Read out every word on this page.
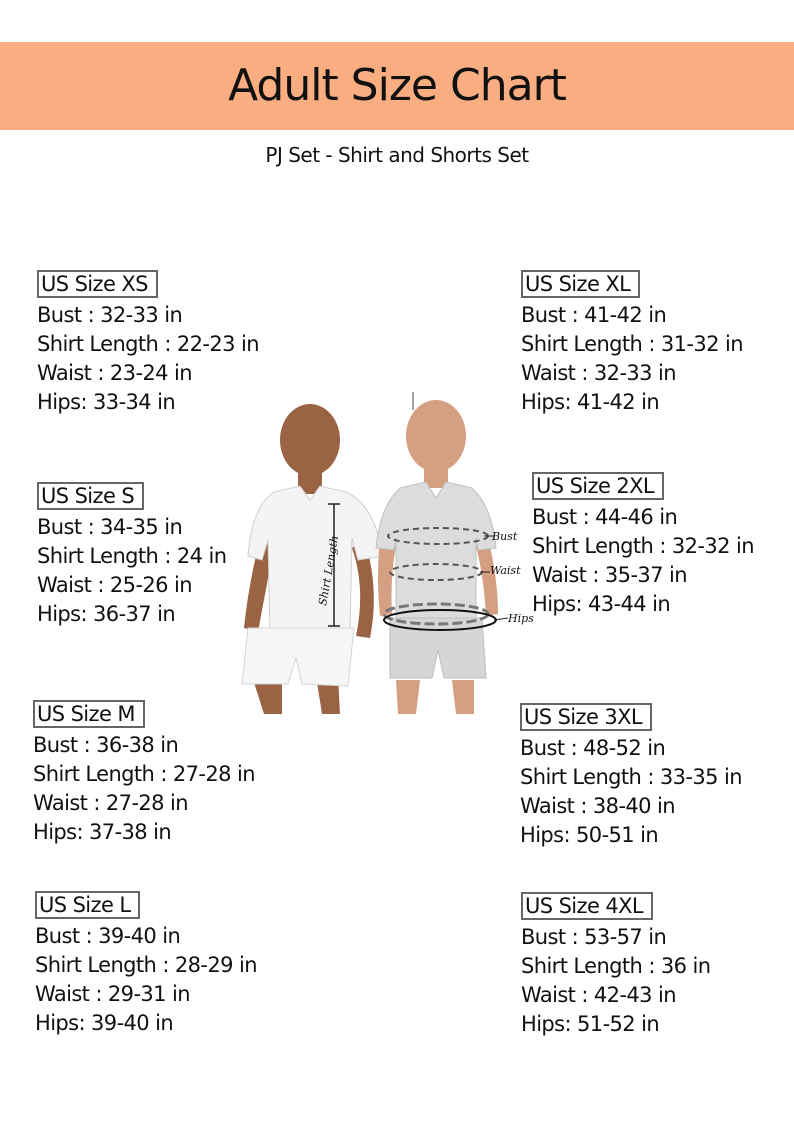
Adult Size Chart
PJ Set - Shirt and Shorts Set
US Size XS
Bust : 32-33 in
Shirt Length : 22-23 in
Waist : 23-24 in
Hips: 33-34 in
US Size S
Bust : 34-35 in
Shirt Length : 24 in
Waist : 25-26 in
Hips: 36-37 in
US Size M
Bust : 36-38 in
Shirt Length : 27-28 in
Waist : 27-28 in
Hips: 37-38 in
US Size L
Bust : 39-40 in
Shirt Length : 28-29 in
Waist : 29-31 in
Hips: 39-40 in
US Size XL
Bust : 41-42 in
Shirt Length : 31-32 in
Waist : 32-33 in
Hips: 41-42 in
US Size 2XL
Bust : 44-46 in
Shirt Length : 32-32 in
Waist : 35-37 in
Hips: 43-44 in
US Size 3XL
Bust : 48-52 in
Shirt Length : 33-35 in
Waist : 38-40 in
Hips: 50-51 in
US Size 4XL
Bust : 53-57 in
Shirt Length : 36 in
Waist : 42-43 in
Hips: 51-52 in
Shirt Length	Bust
Waist
Hips
